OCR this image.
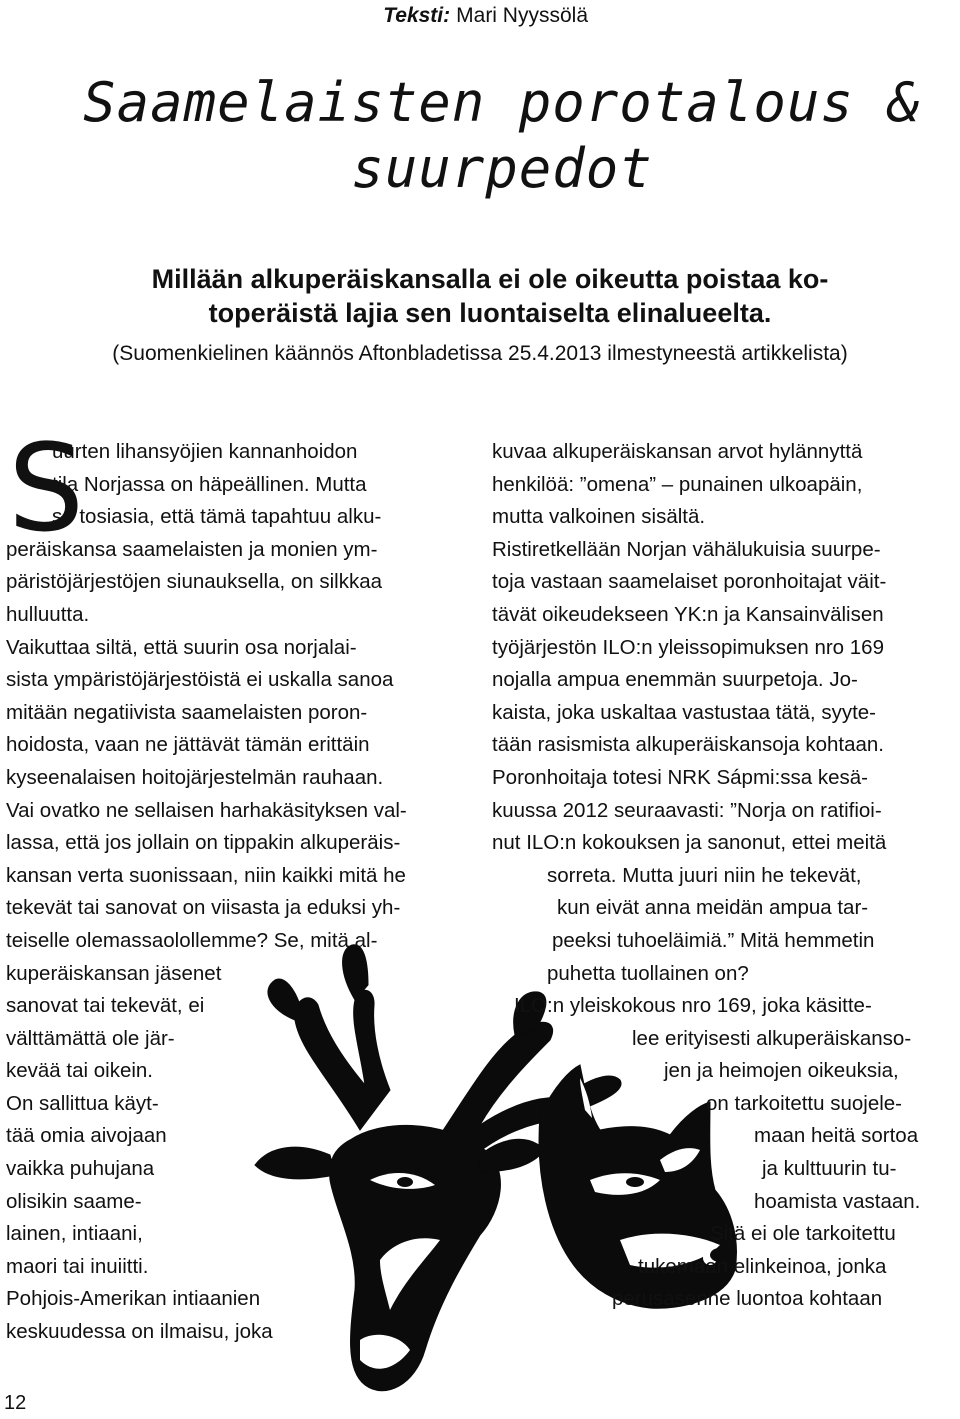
Teksti: Mari Nyyssölä
Saamelaisten porotalous &
suurpedot
Millään alkuperäiskansalla ei ole oikeutta poistaa ko-
toperäistä lajia sen luontaiselta elinalueelta.
(Suomenkielinen käännös Aftonbladetissa 25.4.2013 ilmestyneestä artikkelista)
S

uurten lihansyöjien kannanhoidon

tila Norjassa on häpeällinen. Mutta

se tosiasia, että tämä tapahtuu alku-

peräiskansa saamelaisten ja monien ym-

päristöjärjestöjen siunauksella, on silkkaa

hulluutta.

Vaikuttaa siltä, että suurin osa norjalai-

sista ympäristöjärjestöistä ei uskalla sanoa

mitään negatiivista saamelaisten poron-

hoidosta, vaan ne jättävät tämän erittäin

kyseenalaisen hoitojärjestelmän rauhaan.

Vai ovatko ne sellaisen harhakäsityksen val-

lassa, että jos jollain on tippakin alkuperäis-

kansan verta suonissaan, niin kaikki mitä he

tekevät tai sanovat on viisasta ja eduksi yh-

teiselle olemassaolollemme? Se, mitä al-

kuperäiskansan jäsenet

sanovat tai tekevät, ei

välttämättä ole jär-

kevää tai oikein.

On sallittua käyt-

tää omia aivojaan

vaikka puhujana

olisikin saame-

lainen, intiaani,

maori tai inuiitti.

Pohjois-Amerikan intiaanien

keskuudessa on ilmaisu, joka

kuvaa alkuperäiskansan arvot hylännyttä

henkilöä: ”omena” – punainen ulkoapäin,

mutta valkoinen sisältä.

Ristiretkellään Norjan vähälukuisia suurpe-

toja vastaan saamelaiset poronhoitajat väit-

tävät oikeudekseen YK:n ja Kansainvälisen

työjärjestön ILO:n yleissopimuksen nro 169

nojalla ampua enemmän suurpetoja. Jo-

kaista, joka uskaltaa vastustaa tätä, syyte-

tään rasismista alkuperäiskansoja kohtaan.

Poronhoitaja totesi NRK Sápmi:ssa kesä-

kuussa 2012 seuraavasti: ”Norja on ratifioi-

nut ILO:n kokouksen ja sanonut, ettei meitä

sorreta. Mutta juuri niin he tekevät,

kun eivät anna meidän ampua tar-

peeksi tuhoeläimiä.” Mitä hemmetin

puhetta tuollainen on?

ILO:n yleiskokous nro 169, joka käsitte-

lee erityisesti alkuperäiskanso-

jen ja heimojen oikeuksia,

on tarkoitettu suojele-

maan heitä sortoa

ja kulttuurin tu-

hoamista vastaan.

Sitä ei ole tarkoitettu

tukemaan elinkeinoa, jonka

perusasenne luontoa kohtaan

12
